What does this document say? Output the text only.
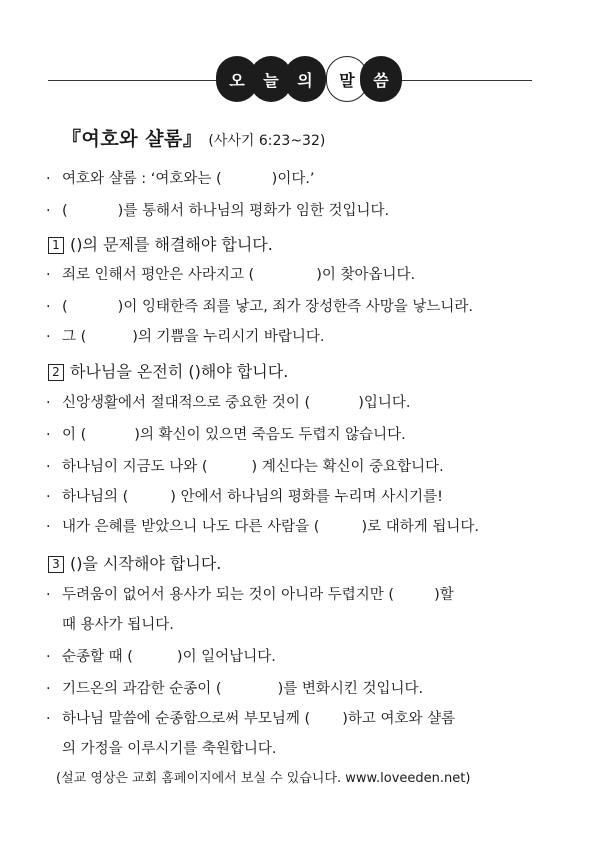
오	늘	의	말	씀
『여호와 샬롬』 (사사기 6:23~32)
· 여호와 샬롬 : ‘여호와는 (	)이다.’
· (	)를 통해서 하나님의 평화가 임한 것입니다.
1 ()의 문제를 해결해야 합니다.
· 죄로 인해서 평안은 사라지고 (	)이 찾아옵니다.
· (	)이 잉태한즉 죄를 낳고, 죄가 장성한즉 사망을 낳느니라.
· 그 (	)의 기쁨을 누리시기 바랍니다.
2 하나님을 온전히 ()해야 합니다.
· 신앙생활에서 절대적으로 중요한 것이 (	)입니다.
· 이 (	)의 확신이 있으면 죽음도 두렵지 않습니다.
· 하나님이 지금도 나와 (	) 계신다는 확신이 중요합니다.
· 하나님의 (	) 안에서 하나님의 평화를 누리며 사시기를!
· 내가 은혜를 받았으니 나도 다른 사람을 (	)로 대하게 됩니다.
3 ()을 시작해야 합니다.
· 두려움이 없어서 용사가 되는 것이 아니라 두렵지만 (	)할
때 용사가 됩니다.
· 순종할 때 (	)이 일어납니다.
· 기드온의 과감한 순종이 (	)를 변화시킨 것입니다.
· 하나님 말씀에 순종함으로써 부모님께 ( )하고 여호와 샬롬
의 가정을 이루시기를 축원합니다.
(설교 영상은 교회 홈페이지에서 보실 수 있습니다. www.loveeden.net)
